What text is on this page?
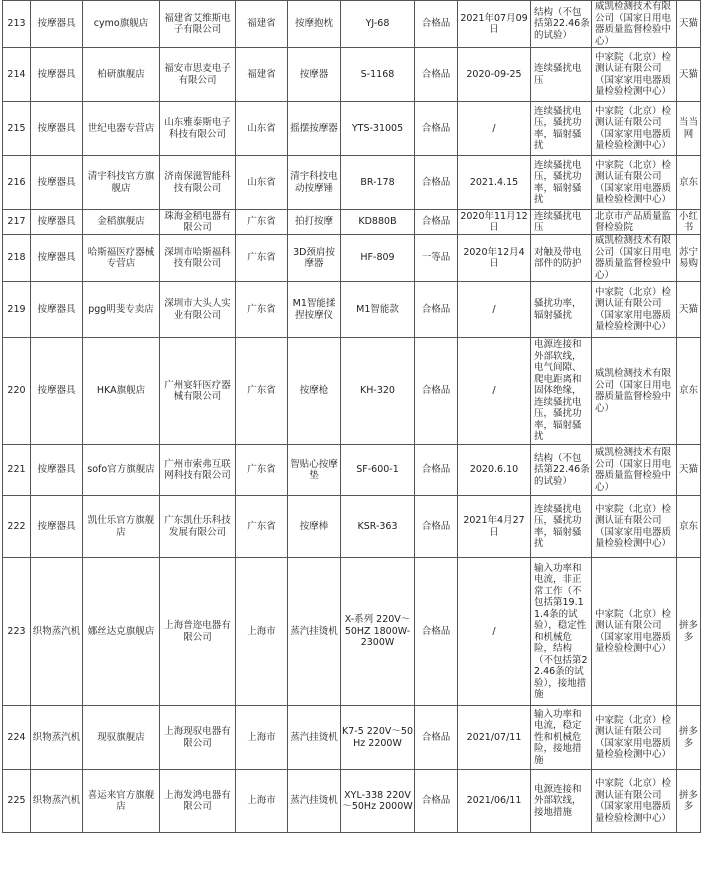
213	按摩器具	cymo旗舰店	福建省艾维斯电子有限公司	福建省	按摩抱枕	YJ-68	合格品	2021年07月09日	结构（不包括第22.46条的试验）	威凯检测技术有限公司（国家日用电器质量监督检验中心）	天猫
214	按摩器具	柏研旗舰店	福安市思麦电子有限公司	福建省	按摩器	S-1168	合格品	2020-09-25	连续骚扰电压	中家院（北京）检测认证有限公司（国家家用电器质量检验检测中心）	天猫
215	按摩器具	世纪电器专营店	山东雅泰斯电子科技有限公司	山东省	摇摆按摩器	YTS-31005	合格品	/	连续骚扰电压，骚扰功率，辐射骚扰	中家院（北京）检测认证有限公司（国家家用电器质量检验检测中心）	当当网
216	按摩器具	清宇科技官方旗舰店	济南保滋智能科技有限公司	山东省	清宇科技电动按摩锤	BR-178	合格品	2021.4.15	连续骚扰电压，骚扰功率，辐射骚扰	中家院（北京）检测认证有限公司（国家家用电器质量检验检测中心）	京东
217	按摩器具	金稻旗舰店	珠海金稻电器有限公司	广东省	拍打按摩	KD880B	合格品	2020年11月12日	连续骚扰电压	北京市产品质量监督检验院	小红书
218	按摩器具	哈斯福医疗器械专营店	深圳市哈斯福科技有限公司	广东省	3D颈肩按摩器	HF-809	一等品	2020年12月4日	对触及带电部件的防护	威凯检测技术有限公司（国家日用电器质量监督检验中心）	苏宁易购
219	按摩器具	pgg明斐专卖店	深圳市大头人实业有限公司	广东省	M1智能揉捏按摩仪	M1智能款	合格品	/	骚扰功率，辐射骚扰	中家院（北京）检测认证有限公司（国家家用电器质量检验检测中心）	天猫
220	按摩器具	HKA旗舰店	广州宴轩医疗器械有限公司	广东省	按摩枪	KH-320	合格品	/	电源连接和外部软线，电气间隙、爬电距离和固体绝缘，连续骚扰电压，骚扰功率，辐射骚扰	威凯检测技术有限公司（国家日用电器质量监督检验中心）	京东
221	按摩器具	sofo官方旗舰店	广州市索弗互联网科技有限公司	广东省	智贴心按摩垫	SF-600-1	合格品	2020.6.10	结构（不包括第22.46条的试验）	威凯检测技术有限公司（国家日用电器质量监督检验中心）	天猫
222	按摩器具	凯仕乐官方旗舰店	广东凯仕乐科技发展有限公司	广东省	按摩棒	KSR-363	合格品	2021年4月27日	连续骚扰电压，骚扰功率，辐射骚扰	中家院（北京）检测认证有限公司（国家家用电器质量检验检测中心）	京东
223	织物蒸汽机	娜丝达克旗舰店	上海普迩电器有限公司	上海市	蒸汽挂烫机	X-系列 220V～50HZ 1800W-2300W	合格品	/	输入功率和电流，非正常工作（不包括第19.11.4条的试验），稳定性和机械危险，结构（不包括第22.46条的试验），接地措施	中家院（北京）检测认证有限公司（国家家用电器质量检验检测中心）	拼多多
224	织物蒸汽机	现驭旗舰店	上海现驭电器有限公司	上海市	蒸汽挂烫机	K7-5 220V～50Hz 2200W	合格品	2021/07/11	输入功率和电流，稳定性和机械危险，接地措施	中家院（北京）检测认证有限公司（国家家用电器质量检验检测中心）	拼多多
225	织物蒸汽机	喜运来官方旗舰店	上海发鸿电器有限公司	上海市	蒸汽挂烫机	XYL-338 220V～50Hz 2000W	合格品	2021/06/11	电源连接和外部软线，接地措施	中家院（北京）检测认证有限公司（国家家用电器质量检验检测中心）	拼多多
